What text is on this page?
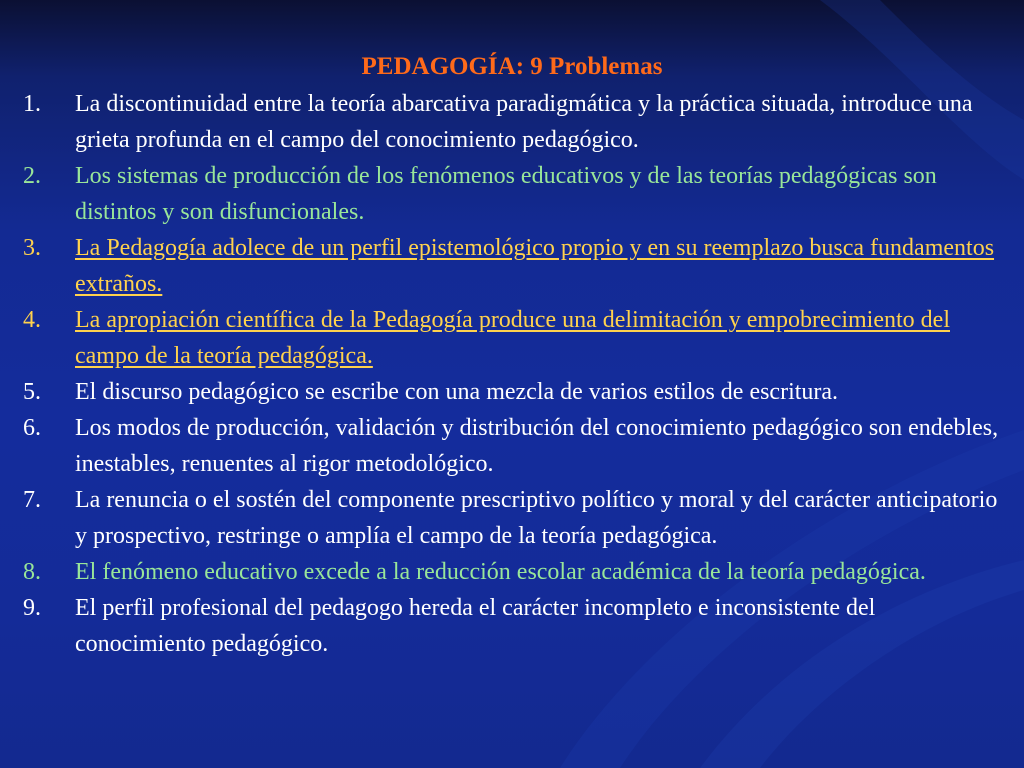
PEDAGOGÍA: 9 Problemas
1. La discontinuidad entre la teoría abarcativa paradigmática y la práctica situada, introduce una grieta profunda en el campo del conocimiento pedagógico.
2. Los sistemas de producción de los fenómenos educativos y de las teorías pedagógicas son distintos y son disfuncionales.
3. La Pedagogía adolece de un perfil epistemológico propio y en su reemplazo busca fundamentos extraños.
4. La apropiación científica de la Pedagogía produce una delimitación y empobrecimiento del campo de la teoría pedagógica.
5. El discurso pedagógico se escribe con una mezcla de varios estilos de escritura.
6. Los modos de producción, validación y distribución del conocimiento pedagógico son endebles, inestables, renuentes al rigor metodológico.
7. La renuncia o el sostén del componente prescriptivo político y moral y del carácter anticipatorio y prospectivo, restringe o amplía el campo de la teoría pedagógica.
8. El fenómeno educativo excede a la reducción escolar académica de la teoría pedagógica.
9. El perfil profesional del pedagogo hereda el carácter incompleto e inconsistente del conocimiento pedagógico.
